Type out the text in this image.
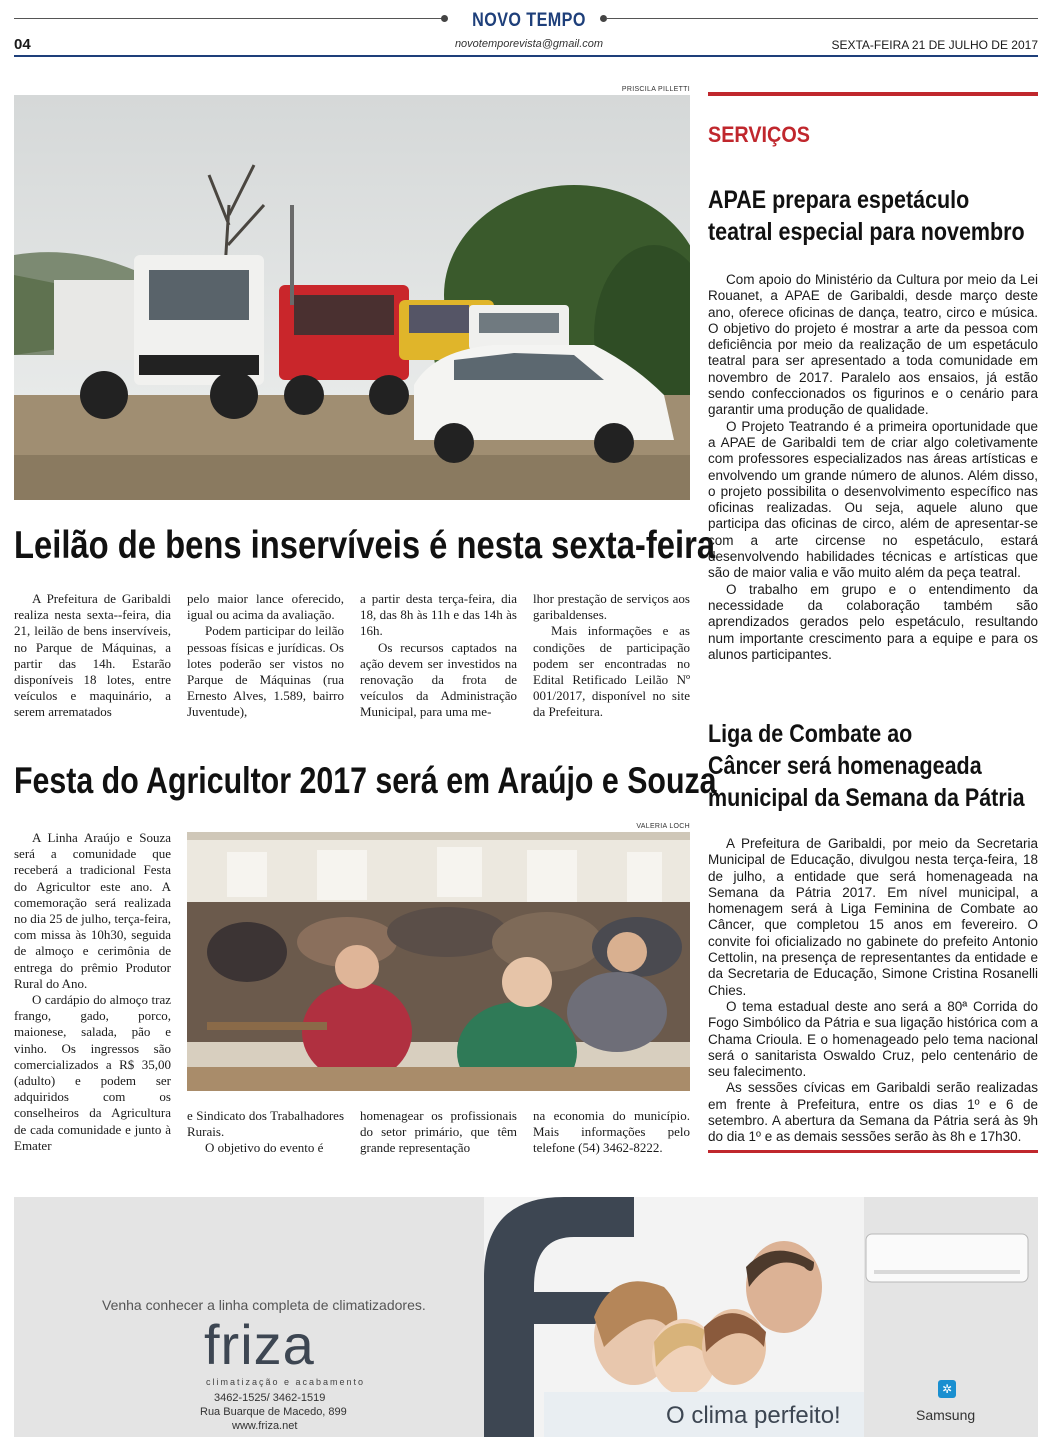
NOVO TEMPO
04	novotemporevista@gmail.com	SEXTA-FEIRA 21 DE JULHO DE 2017
PRISCILA PILLETTI
Leilão de bens inservíveis é nesta sexta-feira

A Prefeitura de Garibaldi realiza nesta sexta--feira, dia 21, leilão de bens inservíveis, no Parque de Máquinas, a partir das 14h. Estarão disponíveis 18 lotes, entre veículos e maquinário, a serem arrematados

pelo maior lance oferecido, igual ou acima da avaliação.

Podem participar do leilão pessoas físicas e jurídicas. Os lotes poderão ser vistos no Parque de Máquinas (rua Ernesto Alves, 1.589, bairro Juventude),

a partir desta terça-feira, dia 18, das 8h às 11h e das 14h às 16h.

Os recursos captados na ação devem ser investidos na renovação da frota de veículos da Administração Municipal, para uma me-

lhor prestação de serviços aos garibaldenses.

Mais informações e as condições de participação podem ser encontradas no Edital Retificado Leilão Nº 001/2017, disponível no site da Prefeitura.

Festa do Agricultor 2017 será em Araújo e Souza

A Linha Araújo e Souza será a comunidade que receberá a tradicional Festa do Agricultor este ano. A comemoração será realizada no dia 25 de julho, terça-feira, com missa às 10h30, seguida de almoço e cerimônia de entrega do prêmio Produtor Rural do Ano.

O cardápio do almoço traz frango, gado, porco, maionese, salada, pão e vinho. Os ingressos são comercializados a R$ 35,00 (adulto) e podem ser adquiridos com os conselheiros da Agricultura de cada comunidade e junto à Emater

VALERIA LOCH

e Sindicato dos Trabalhadores Rurais.

O objetivo do evento é

homenagear os profissionais do setor primário, que têm grande representação

na economia do município. Mais informações pelo telefone (54) 3462-8222.

SERVIÇOS
APAE prepara espetáculo
teatral especial para novembro

Com apoio do Ministério da Cultura por meio da Lei Rouanet, a APAE de Garibaldi, desde março deste ano, oferece oficinas de dança, teatro, circo e música. O objetivo do projeto é mostrar a arte da pessoa com deficiência por meio da realização de um espetáculo teatral para ser apresentado a toda comunidade em novembro de 2017. Paralelo aos ensaios, já estão sendo confeccionados os figurinos e o cenário para garantir uma produção de qualidade.

O Projeto Teatrando é a primeira oportunidade que a APAE de Garibaldi tem de criar algo coletivamente com professores especializados nas áreas artísticas e envolvendo um grande número de alunos. Além disso, o projeto possibilita o desenvolvimento específico nas oficinas realizadas. Ou seja, aquele aluno que participa das oficinas de circo, além de apresentar-se com a arte circense no espetáculo, estará desenvolvendo habilidades técnicas e artísticas que são de maior valia e vão muito além da peça teatral.

O trabalho em grupo e o entendimento da necessidade da colaboração também são aprendizados gerados pelo espetáculo, resultando num importante crescimento para a equipe e para os alunos participantes.

Liga de Combate ao
Câncer será homenageada
municipal da Semana da Pátria

A Prefeitura de Garibaldi, por meio da Secretaria Municipal de Educação, divulgou nesta terça-feira, 18 de julho, a entidade que será homenageada na Semana da Pátria 2017. Em nível municipal, a homenagem será à Liga Feminina de Combate ao Câncer, que completou 15 anos em fevereiro. O convite foi oficializado no gabinete do prefeito Antonio Cettolin, na presença de representantes da entidade e da Secretaria de Educação, Simone Cristina Rosanelli Chies.

O tema estadual deste ano será a 80ª Corrida do Fogo Simbólico da Pátria e sua ligação histórica com a Chama Crioula. E o homenageado pelo tema nacional será o sanitarista Oswaldo Cruz, pelo centenário de seu falecimento.

As sessões cívicas em Garibaldi serão realizadas em frente à Prefeitura, entre os dias 1º e 6 de setembro. A abertura da Semana da Pátria será às 9h do dia 1º e as demais sessões serão às 8h e 17h30.

Venha conhecer a linha completa de climatizadores.
friza
climatização e acabamento
3462-1525/ 3462-1519
Rua Buarque de Macedo, 899
www.friza.net	O clima perfeito!
✲
Samsung
